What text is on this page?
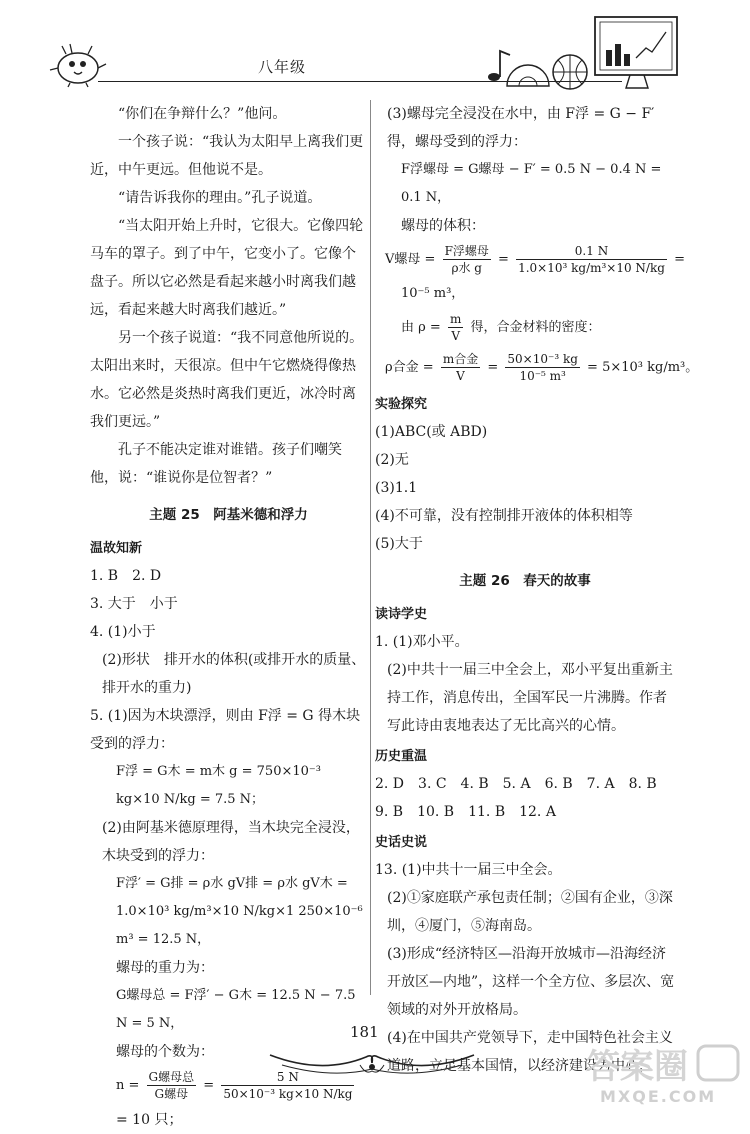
八年级

“你们在争辩什么？”他问。

一个孩子说：“我认为太阳早上离我们更近，中午更远。但他说不是。

“请告诉我你的理由。”孔子说道。

“当太阳开始上升时，它很大。它像四轮马车的罩子。到了中午，它变小了。它像个盘子。所以它必然是看起来越小时离我们越远，看起来越大时离我们越近。”

另一个孩子说道：“我不同意他所说的。太阳出来时，天很凉。但中午它燃烧得像热水。它必然是炎热时离我们更近，冰冷时离我们更远。”

孔子不能决定谁对谁错。孩子们嘲笑他，说：“谁说你是位智者？”

主题 25　阿基米德和浮力
温故知新

1. B　2. D

3. 大于　小于

4. (1)小于

(2)形状　排开水的体积(或排开水的质量、排开水的重力)

5. (1)因为木块漂浮，则由 F浮 = G 得木块受到的浮力：

F浮 = G木 = m木 g = 750×10⁻³ kg×10 N/kg = 7.5 N；

(2)由阿基米德原理得，当木块完全浸没，木块受到的浮力：

F浮′ = G排 = ρ水 gV排 = ρ水 gV木 = 1.0×10³ kg/m³×10 N/kg×1 250×10⁻⁶ m³ = 12.5 N，

螺母的重力为：

G螺母总 = F浮′ − G木 = 12.5 N − 7.5 N = 5 N，

螺母的个数为：

$n = \frac{\text{G螺母总}}{\text{G螺母}} = \frac{5 N}{\text{50×10⁻³ kg×10 N/kg}}$

= 10 只；

(3)螺母完全浸没在水中，由 F浮 = G − F′ 得，螺母受到的浮力：

F浮螺母 = G螺母 − F′ = 0.5 N − 0.4 N = 0.1 N，

螺母的体积：

V螺母 = $\frac{\text{F浮螺母}}{\text{ρ水 g}} = \frac{0.1 N}{\text{1.0×10³ kg/m³×10 N/kg}}$ =

10⁻⁵ m³，

由 $\rho = \frac{m}{V}$ 得，合金材料的密度：
ρ合金 = $\frac{\text{m合金}}{V} = \frac{\text{50×10⁻³ kg}}{\text{10⁻⁵ m³}} = 5\times 10^3$ kg/m³。
实验探究

(1)ABC(或 ABD)

(2)无

(3)1.1

(4)不可靠，没有控制排开液体的体积相等

(5)大于

主题 26　春天的故事
读诗学史

1. (1)邓小平。

(2)中共十一届三中全会上，邓小平复出重新主持工作，消息传出，全国军民一片沸腾。作者写此诗由衷地表达了无比高兴的心情。

历史重温

2. D　3. C　4. B　5. A　6. B　7. A　8. B　9. B　10. B　11. B　12. A

史话史说

13. (1)中共十一届三中全会。

(2)①家庭联产承包责任制；②国有企业，③深圳，④厦门，⑤海南岛。

(3)形成“经济特区—沿海开放城市—沿海经济开放区—内地”，这样一个全方位、多层次、宽领域的对外开放格局。

(4)在中国共产党领导下，走中国特色社会主义道路，立足基本国情，以经济建设为中心，

181
答案圈
MXQE.COM
